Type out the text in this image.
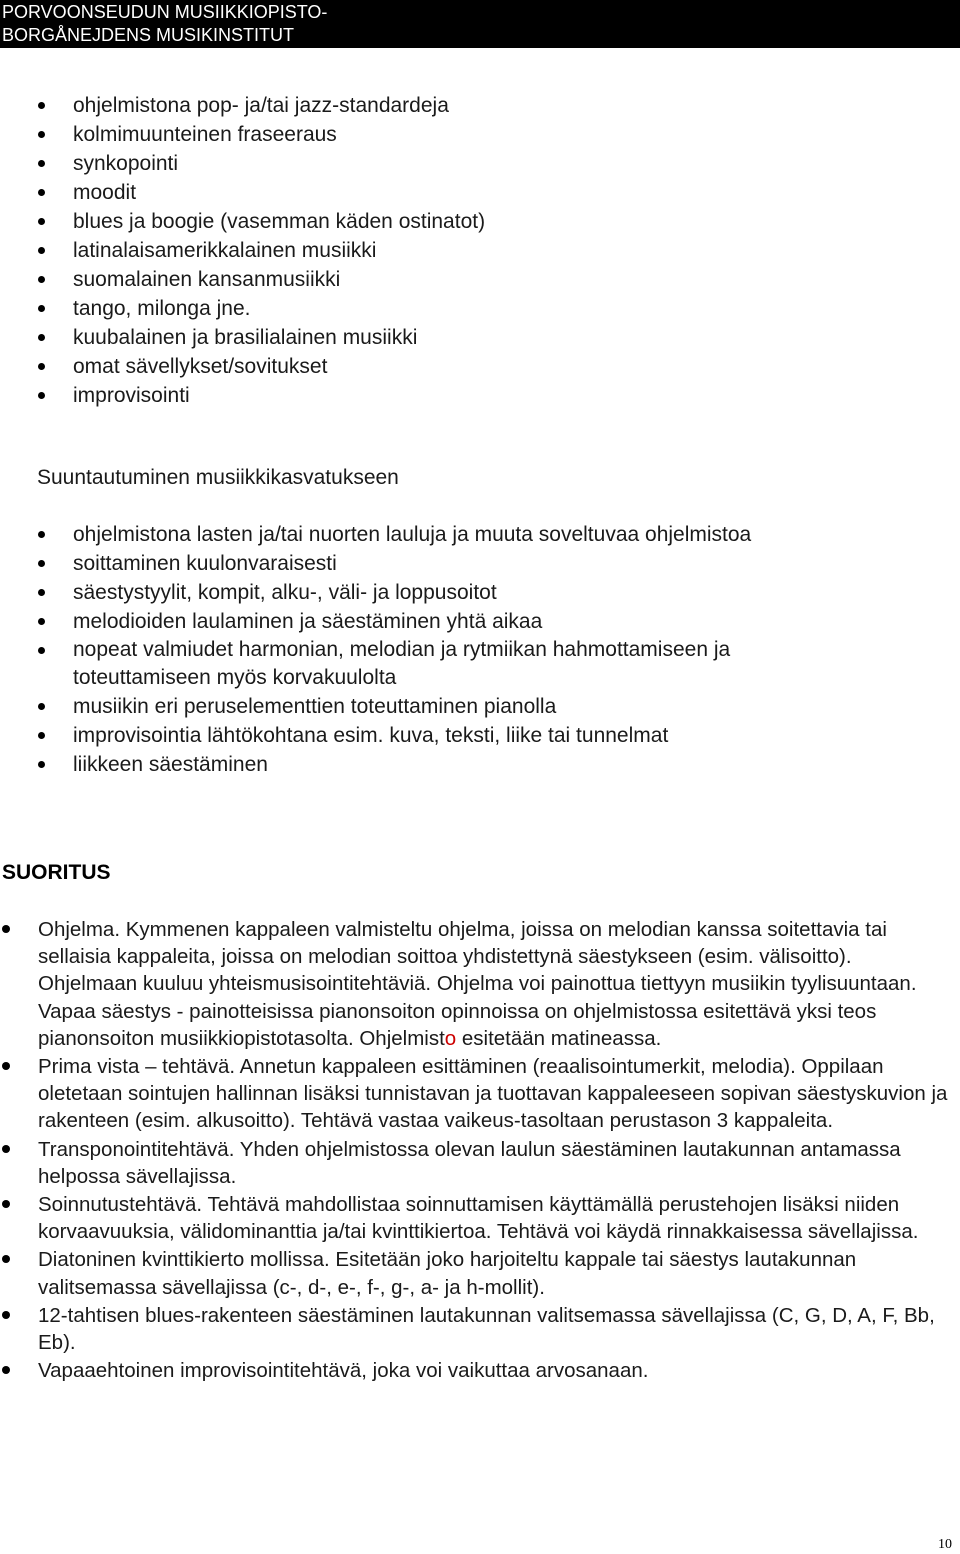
PORVOONSEUDUN MUSIIKKIOPISTO-
BORGÅNEJDENS MUSIKINSTITUT
ohjelmistona pop- ja/tai jazz-standardeja
kolmimuunteinen fraseeraus
synkopointi
moodit
blues ja boogie (vasemman käden ostinatot)
latinalaisamerikkalainen musiikki
suomalainen kansanmusiikki
tango, milonga jne.
kuubalainen ja brasilialainen musiikki
omat sävellykset/sovitukset
improvisointi
Suuntautuminen musiikkikasvatukseen
ohjelmistona lasten ja/tai nuorten lauluja ja muuta soveltuvaa ohjelmistoa
soittaminen kuulonvaraisesti
säestystyylit, kompit, alku-, väli- ja loppusoitot
melodioiden laulaminen ja säestäminen yhtä aikaa
nopeat valmiudet harmonian, melodian ja rytmiikan hahmottamiseen ja toteuttamiseen myös korvakuulolta
musiikin eri peruselementtien toteuttaminen pianolla
improvisointia lähtökohtana esim. kuva, teksti, liike tai tunnelmat
liikkeen säestäminen
SUORITUS
Ohjelma. Kymmenen kappaleen valmisteltu ohjelma, joissa on melodian kanssa soitettavia tai sellaisia kappaleita, joissa on melodian soittoa yhdistettynä säestykseen (esim. välisoitto). Ohjelmaan kuuluu yhteismusisointitehtäviä. Ohjelma voi painottua tiettyyn musiikin tyylisuuntaan. Vapaa säestys - painotteisissa pianonsoiton opinnoissa on ohjelmistossa esitettävä yksi teos pianonsoiton musiikkiopistotasolta. Ohjelmisto esitetään matineassa.
Prima vista – tehtävä. Annetun kappaleen esittäminen (reaalisointumerkit, melodia). Oppilaan oletetaan sointujen hallinnan lisäksi tunnistavan ja tuottavan kappaleeseen sopivan säestyskuvion ja rakenteen (esim. alkusoitto). Tehtävä vastaa vaikeus-tasoltaan perustason 3 kappaleita.
Transponointitehtävä. Yhden ohjelmistossa olevan laulun säestäminen lautakunnan antamassa helpossa sävellajissa.
Soinnutustehtävä. Tehtävä mahdollistaa soinnuttamisen käyttämällä perustehojen lisäksi niiden korvaavuuksia, välidominanttia ja/tai kvinttikiertoa. Tehtävä voi käydä rinnakkaisessa sävellajissa.
Diatoninen kvinttikierto mollissa. Esitetään joko harjoiteltu kappale tai säestys lautakunnan valitsemassa sävellajissa (c-, d-, e-, f-, g-, a- ja h-mollit).
12-tahtisen blues-rakenteen säestäminen lautakunnan valitsemassa sävellajissa (C, G, D, A, F, Bb, Eb).
Vapaaehtoinen improvisointitehtävä, joka voi vaikuttaa arvosanaan.
10
